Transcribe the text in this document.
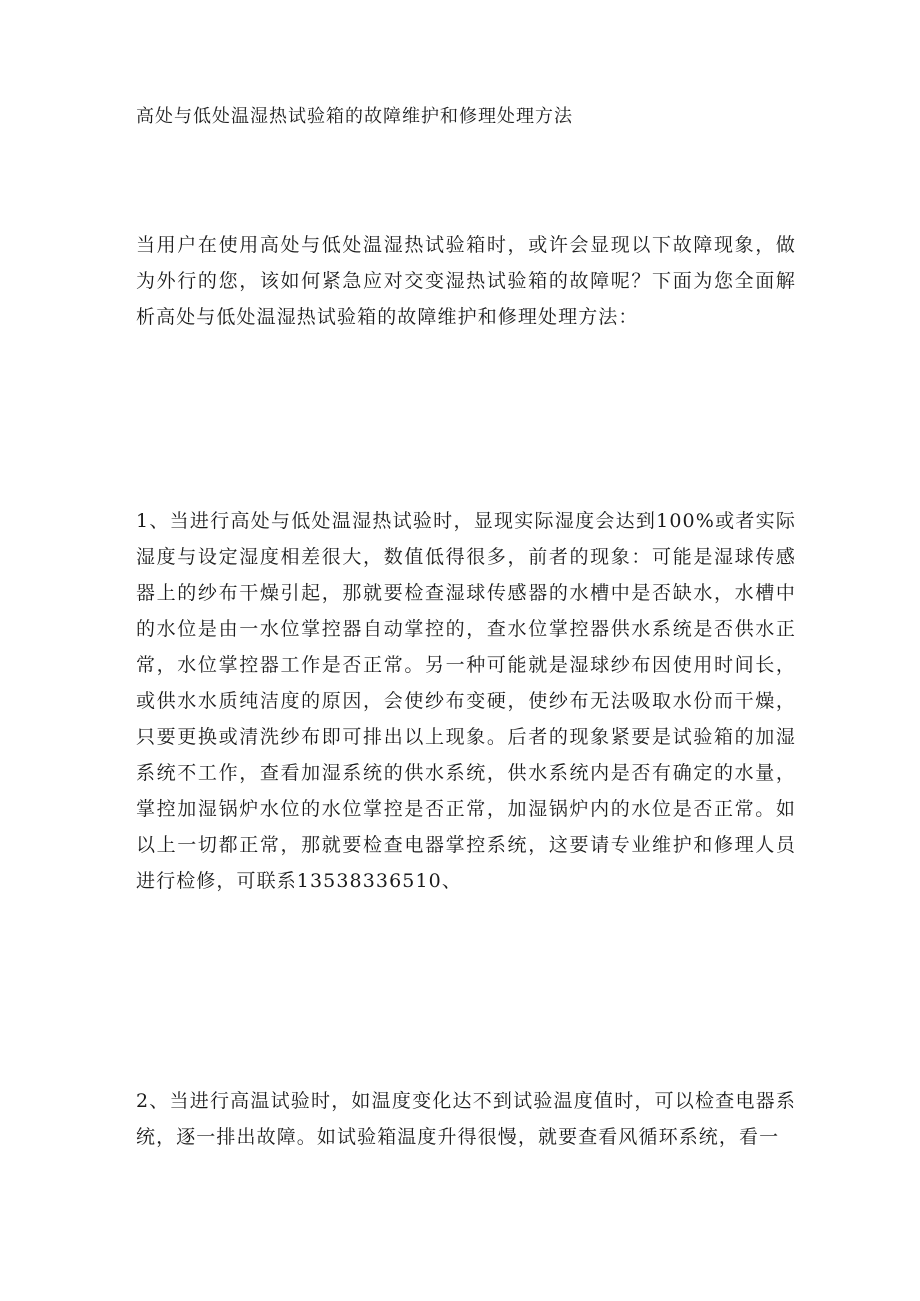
高处与低处温湿热试验箱的故障维护和修理处理方法

当用户在使用高处与低处温湿热试验箱时，或许会显现以下故障现象，做为外行的您，该如何紧急应对交变湿热试验箱的故障呢？下面为您全面解析高处与低处温湿热试验箱的故障维护和修理处理方法：

1、当进行高处与低处温湿热试验时，显现实际湿度会达到100%或者实际湿度与设定湿度相差很大，数值低得很多，前者的现象：可能是湿球传感器上的纱布干燥引起，那就要检查湿球传感器的水槽中是否缺水，水槽中的水位是由一水位掌控器自动掌控的，查水位掌控器供水系统是否供水正常，水位掌控器工作是否正常。另一种可能就是湿球纱布因使用时间长，或供水水质纯洁度的原因，会使纱布变硬，使纱布无法吸取水份而干燥，只要更换或清洗纱布即可排出以上现象。后者的现象紧要是试验箱的加湿系统不工作，查看加湿系统的供水系统，供水系统内是否有确定的水量，掌控加湿锅炉水位的水位掌控是否正常，加湿锅炉内的水位是否正常。如以上一切都正常，那就要检查电器掌控系统，这要请专业维护和修理人员进行检修，可联系13538336510、

2、当进行高温试验时，如温度变化达不到试验温度值时，可以检查电器系统，逐一排出故障。如试验箱温度升得很慢，就要查看风循环系统，看一
